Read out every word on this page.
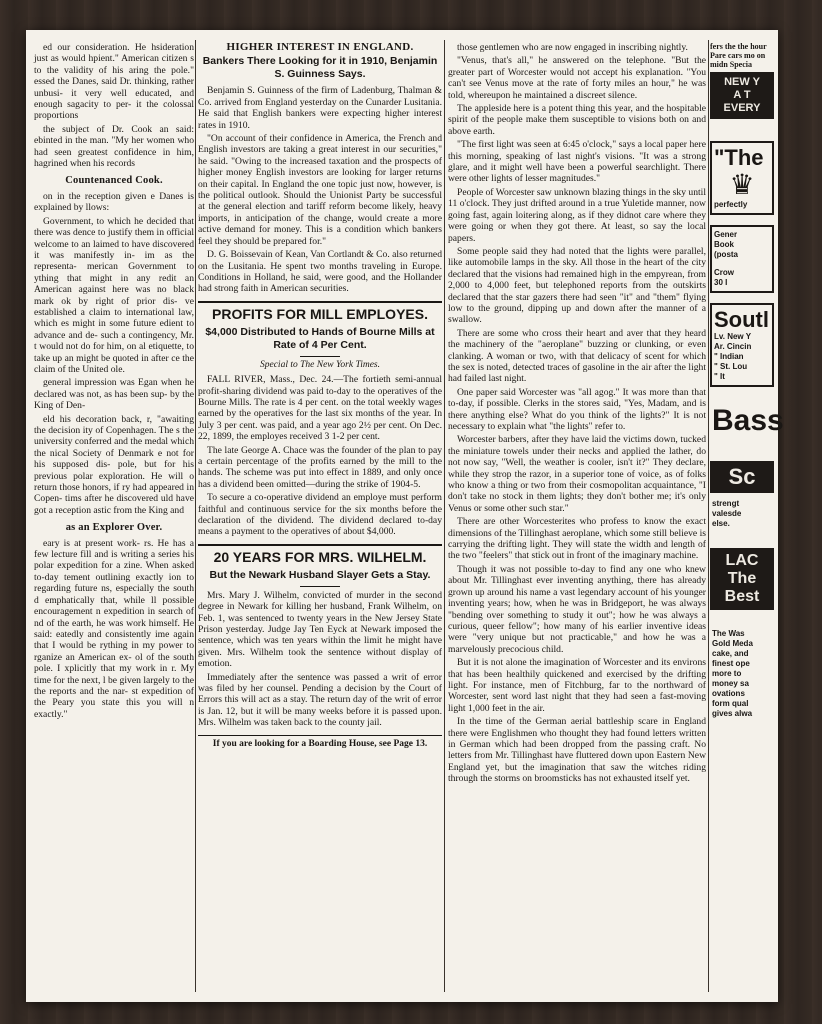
ed our consideration. He hsideration just as would hpient." American citizen s to the validity of his aring the pole." essed the Danes, said Dr. thinking, rather unbusi- it very well educated, and enough sagacity to per- it the colossal proportions

the subject of Dr. Cook an said: ebinted in the man. "My her women who had seen greatest confidence in him, hagrined when his records

Countenanced Cook.

on in the reception given e Danes is explained by llows:

Government, to which he decided that there was dence to justify them in official welcome to an laimed to have discovered it was manifestly in- im as the representa- merican Government to ything that might in any redit an American against here was no black mark ok by right of prior dis- ve established a claim to international law, which es might in some future edient to advance and de- such a contingency, Mr. t would not do for him, on al etiquette, to take up an might be quoted in after ce the claim of the United ole.

general impression was Egan when he declared was not, as has been sup- by the King of Den-

eld his decoration back, r, "awaiting the decision ity of Copenhagen. The s the university conferred and the medal which the nical Society of Denmark e not for his supposed dis- pole, but for his previous polar exploration. He will o return those honors, if ry had appeared in Copen- tims after he discovered uld have got a reception astic from the King and

as an Explorer Over.

eary is at present work- rs. He has a few lecture fill and is writing a series his polar expedition for a zine. When asked to-day tement outlining exactly ion to regarding future ns, especially the south d emphatically that, while ll possible encouragement n expedition in search of nd of the earth, he was work himself. He said: eatedly and consistently ime again that I would be rything in my power to rganize an American ex- ol of the south pole. I xplicitly that my work in r. My time for the next, l be given largely to the the reports and the nar- st expedition of the Peary you state this you will n exactly."

HIGHER INTEREST IN ENGLAND.
Bankers There Looking for it in 1910, Benjamin S. Guinness Says.

Benjamin S. Guinness of the firm of Ladenburg, Thalman & Co. arrived from England yesterday on the Cunarder Lusitania. He said that English bankers were expecting higher interest rates in 1910.

"On account of their confidence in America, the French and English investors are taking a great interest in our securities," he said. "Owing to the increased taxation and the prospects of higher money English investors are looking for larger returns on their capital. In England the one topic just now, however, is the political outlook. Should the Unionist Party be successful at the general election and tariff reform become likely, heavy imports, in anticipation of the change, would create a more active demand for money. This is a condition which bankers feel they should be prepared for."

D. G. Boissevain of Kean, Van Cortlandt & Co. also returned on the Lusitania. He spent two months traveling in Europe. Conditions in Holland, he said, were good, and the Hollander had strong faith in American securities.

PROFITS FOR MILL EMPLOYES.
$4,000 Distributed to Hands of Bourne Mills at Rate of 4 Per Cent.
Special to The New York Times.

FALL RIVER, Mass., Dec. 24.—The fortieth semi-annual profit-sharing dividend was paid to-day to the operatives of the Bourne Mills. The rate is 4 per cent. on the total weekly wages earned by the operatives for the last six months of the year. In July 3 per cent. was paid, and a year ago 2½ per cent. On Dec. 22, 1899, the employes received 3 1-2 per cent.

The late George A. Chace was the founder of the plan to pay a certain percentage of the profits earned by the mill to the hands. The scheme was put into effect in 1889, and only once has a dividend been omitted—during the strike of 1904-5.

To secure a co-operative dividend an employe must perform faithful and continuous service for the six months before the declaration of the dividend. The dividend declared to-day means a payment to the operatives of about $4,000.

20 YEARS FOR MRS. WILHELM.
But the Newark Husband Slayer Gets a Stay.

Mrs. Mary J. Wilhelm, convicted of murder in the second degree in Newark for killing her husband, Frank Wilhelm, on Feb. 1, was sentenced to twenty years in the New Jersey State Prison yesterday. Judge Jay Ten Eyck at Newark imposed the sentence, which was ten years within the limit he might have given. Mrs. Wilhelm took the sentence without display of emotion.

Immediately after the sentence was passed a writ of error was filed by her counsel. Pending a decision by the Court of Errors this will act as a stay. The return day of the writ of error is Jan. 12, but it will be many weeks before it is passed upon. Mrs. Wilhelm was taken back to the county jail.

If you are looking for a Boarding House, see Page 13.

those gentlemen who are now engaged in inscribing nightly.

"Venus, that's all," he answered on the telephone. "But the greater part of Worcester would not accept his explanation. "You can't see Venus move at the rate of forty miles an hour," he was told, whereupon he maintained a discreet silence.

The appleside here is a potent thing this year, and the hospitable spirit of the people make them susceptible to visions both on and above earth.

"The first light was seen at 6:45 o'clock," says a local paper here this morning, speaking of last night's visions. "It was a strong glare, and it might well have been a powerful searchlight. There were other lights of lesser magnitudes."

People of Worcester saw unknown blazing things in the sky until 11 o'clock. They just drifted around in a true Yuletide manner, now going fast, again loitering along, as if they didnot care where they were going or when they got there. At least, so say the local papers.

Some people said they had noted that the lights were parallel, like automobile lamps in the sky. All those in the heart of the city declared that the visions had remained high in the empyrean, from 2,000 to 4,000 feet, but telephoned reports from the outskirts declared that the star gazers there had seen "it" and "them" flying low to the ground, dipping up and down after the manner of a swallow.

There are some who cross their heart and aver that they heard the machinery of the "aeroplane" buzzing or clunking, or even clanking. A woman or two, with that delicacy of scent for which the sex is noted, detected traces of gasoline in the air after the light had failed last night.

One paper said Worcester was "all agog." It was more than that to-day, if possible. Clerks in the stores said, "Yes, Madam, and is there anything else? What do you think of the lights?" It is not necessary to explain what "the lights" refer to.

Worcester barbers, after they have laid the victims down, tucked the miniature towels under their necks and applied the lather, do not now say, "Well, the weather is cooler, isn't it?" They declare, while they strop the razor, in a superior tone of voice, as of folks who know a thing or two from their cosmopolitan acquaintance, "I don't take no stock in them lights; they don't bother me; it's only Venus or some other such star."

There are other Worcesterites who profess to know the exact dimensions of the Tillinghast aeroplane, which some still believe is carrying the drifting light. They will state the width and length of the two "feelers" that stick out in front of the imaginary machine.

Though it was not possible to-day to find any one who knew about Mr. Tillinghast ever inventing anything, there has already grown up around his name a vast legendary account of his younger inventing years; how, when he was in Bridgeport, he was always "bending over something to study it out"; how he was always a curious, queer fellow"; how many of his earlier inventive ideas were "very unique but not practicable," and how he was a marvelously precocious child.

But it is not alone the imagination of Worcester and its environs that has been healthily quickened and exercised by the drifting light. For instance, men of Fitchburg, far to the northward of Worcester, sent word last night that they had seen a fast-moving light 1,000 feet in the air.

In the time of the German aerial battleship scare in England there were Englishmen who thought they had found letters written in German which had been dropped from the passing craft. No letters from Mr. Tillinghast have fluttered down upon Eastern New England yet, but the imagination that saw the witches riding through the storms on broomsticks has not exhausted itself yet.

fers the the hour Pare cars mo on midn Specia
NEW Y
A T
EVERY
"The
♛
perfectly
Gener
Book
(posta
Crow
30 I
Soutl
Lv. New Y
Ar. Cincin
" Indian
" St. Lou
" It
Bass
Sc
strengt
valesde
else.
LAC
The
Best
The Was
Gold Meda
cake, and
finest ope
more to
money sa
ovations
form qual
gives alwa
